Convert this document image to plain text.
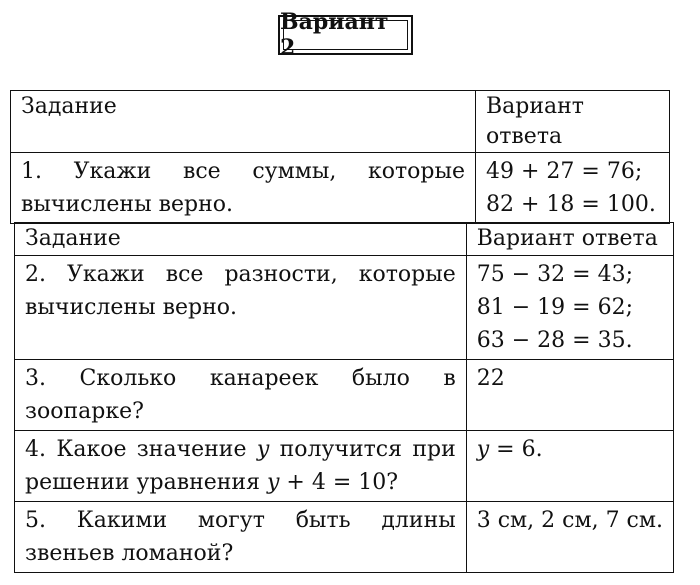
Вариант 2
Задание	Вариант ответа

1. Укажи все суммы, которые вычислены верно.	49 + 27 = 76;
82 + 18 = 100.
Задание	Вариант ответа

2. Укажи все разности, которые вычислены верно.	75 − 32 = 43;
81 − 19 = 62;
63 − 28 = 35.

3. Сколько канареек было в зоопарке?	22

4. Какое значение y получится при решении уравнения y + 4 = 10?	y = 6.

5. Какими могут быть длины звеньев ломаной?	3 см, 2 см, 7 см.
